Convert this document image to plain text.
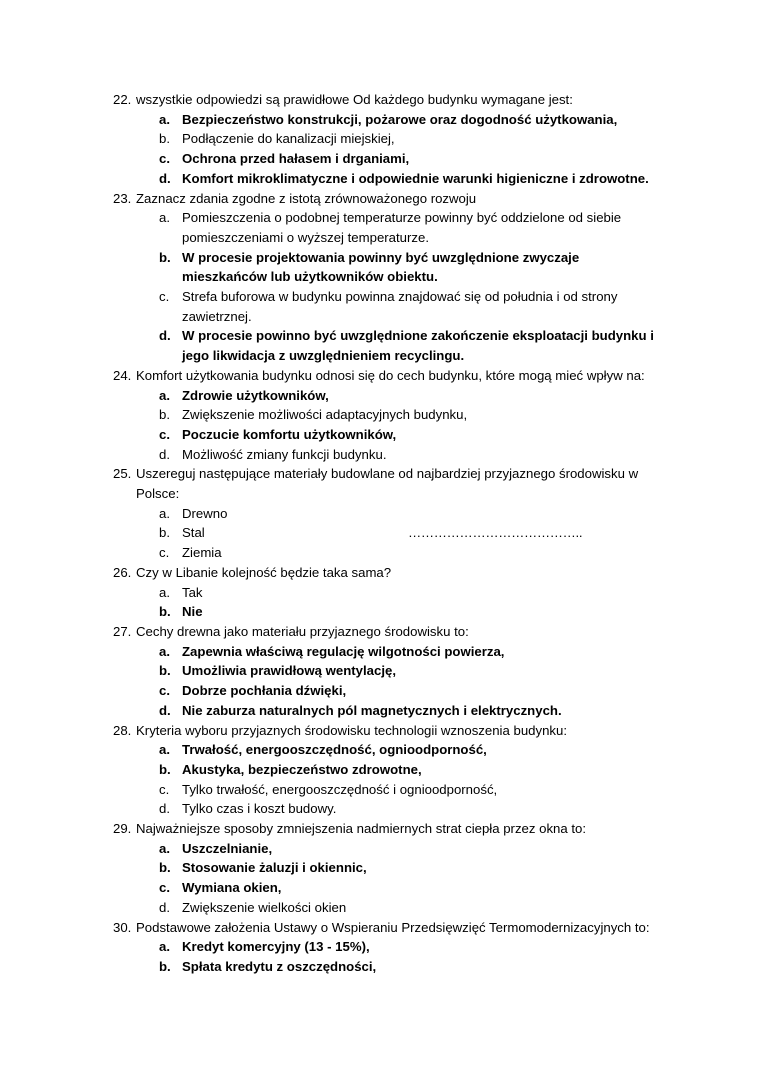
22. wszystkie odpowiedzi są prawidłowe Od każdego budynku wymagane jest:
a. Bezpieczeństwo konstrukcji, pożarowe oraz dogodność użytkowania,
b. Podłączenie do kanalizacji miejskiej,
c. Ochrona przed hałasem i drganiami,
d. Komfort mikroklimatyczne i odpowiednie warunki higieniczne i zdrowotne.
23. Zaznacz zdania zgodne z istotą zrównoważonego rozwoju
a. Pomieszczenia o podobnej temperaturze powinny być oddzielone od siebie pomieszczeniami o wyższej temperaturze.
b. W procesie projektowania powinny być uwzględnione zwyczaje mieszkańców lub użytkowników obiektu.
c. Strefa buforowa w budynku powinna znajdować się od południa i od strony zawietrznej.
d. W procesie powinno być uwzględnione zakończenie eksploatacji budynku i jego likwidacja z uwzględnieniem recyclingu.
24. Komfort użytkowania budynku odnosi się do cech budynku, które mogą mieć wpływ na:
a. Zdrowie użytkowników,
b. Zwiększenie możliwości adaptacyjnych budynku,
c. Poczucie komfortu użytkowników,
d. Możliwość zmiany funkcji budynku.
25. Uszereguj następujące materiały budowlane od najbardziej przyjaznego środowisku w Polsce:
a. Drewno
b. Stal	…………………………………..
c. Ziemia
26. Czy w Libanie kolejność będzie taka sama?
a. Tak
b. Nie
27. Cechy drewna jako materiału przyjaznego środowisku to:
a. Zapewnia właściwą regulację wilgotności powierza,
b. Umożliwia prawidłową wentylację,
c. Dobrze pochłania dźwięki,
d. Nie zaburza naturalnych pól magnetycznych i elektrycznych.
28. Kryteria wyboru przyjaznych środowisku technologii wznoszenia budynku:
a. Trwałość, energooszczędność, ognioodporność,
b. Akustyka, bezpieczeństwo zdrowotne,
c. Tylko trwałość, energooszczędność i ognioodporność,
d. Tylko czas i koszt budowy.
29. Najważniejsze sposoby zmniejszenia nadmiernych strat ciepła przez okna to:
a. Uszczelnianie,
b. Stosowanie żaluzji i okiennic,
c. Wymiana okien,
d. Zwiększenie wielkości okien
30. Podstawowe założenia Ustawy o Wspieraniu Przedsięwzięć Termomodernizacyjnych to:
a. Kredyt komercyjny (13 - 15%),
b. Spłata kredytu z oszczędności,
